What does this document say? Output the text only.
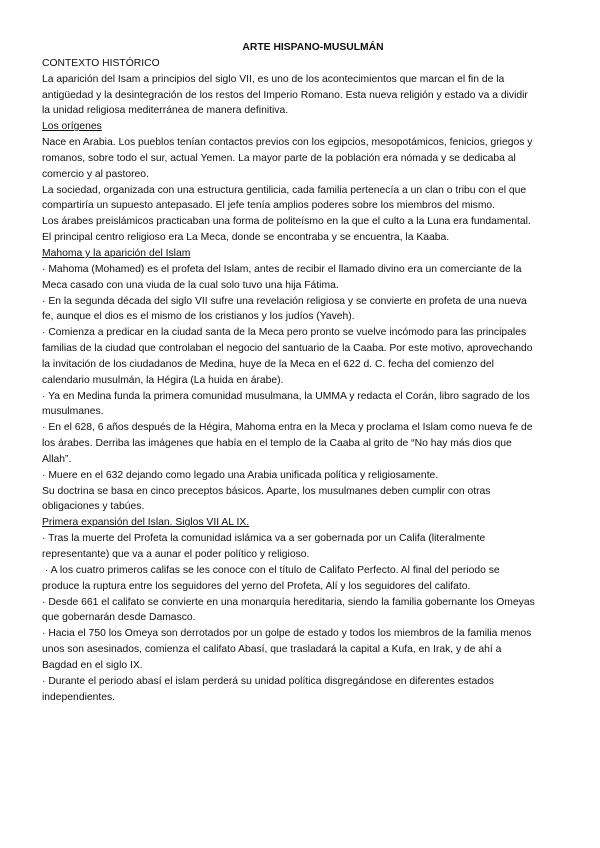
ARTE HISPANO-MUSULMÁN
CONTEXTO HISTÓRICO
La aparición del Isam a principios del siglo VII, es uno de los acontecimientos que marcan el fin de la
antigüedad y la desintegración de los restos del Imperio Romano. Esta nueva religión y estado va a dividir
la unidad religiosa mediterránea de manera definitiva.
Los orígenes
Nace en Arabia. Los pueblos tenían contactos previos con los egipcios, mesopotámicos, fenicios, griegos y
romanos, sobre todo el sur, actual Yemen. La mayor parte de la población era nómada y se dedicaba al
comercio y al pastoreo.
La sociedad, organizada con una estructura gentilicia, cada familia pertenecía a un clan o tribu con el que
compartiría un supuesto antepasado. El jefe tenía amplios poderes sobre los miembros del mismo.
Los árabes preislámicos practicaban una forma de politeísmo en la que el culto a la Luna era fundamental.
El principal centro religioso era La Meca, donde se encontraba y se encuentra, la Kaaba.
Mahoma y la aparición del Islam
· Mahoma (Mohamed) es el profeta del Islam, antes de recibir el llamado divino era un comerciante de la
Meca casado con una viuda de la cual solo tuvo una hija Fátima.
· En la segunda década del siglo VII sufre una revelación religiosa y se convierte en profeta de una nueva
fe, aunque el dios es el mismo de los cristianos y los judíos (Yaveh).
· Comienza a predicar en la ciudad santa de la Meca pero pronto se vuelve incómodo para las principales
familias de la ciudad que controlaban el negocio del santuario de la Caaba. Por este motivo, aprovechando
la invitación de los ciudadanos de Medina, huye de la Meca en el 622 d. C. fecha del comienzo del
calendario musulmán, la Hégira (La huida en árabe).
· Ya en Medina funda la primera comunidad musulmana, la UMMA y redacta el Corán, libro sagrado de los
musulmanes.
· En el 628, 6 años después de la Hégira, Mahoma entra en la Meca y proclama el Islam como nueva fe de
los árabes. Derriba las imágenes que había en el templo de la Caaba al grito de “No hay más dios que
Allah”.
· Muere en el 632 dejando como legado una Arabia unificada política y religiosamente.
Su doctrina se basa en cinco preceptos básicos. Aparte, los musulmanes deben cumplir con otras
obligaciones y tabúes.
Primera expansión del Islan. Siglos VII AL IX.
· Tras la muerte del Profeta la comunidad islámica va a ser gobernada por un Califa (literalmente
representante) que va a aunar el poder político y religioso.
· A los cuatro primeros califas se les conoce con el título de Califato Perfecto. Al final del periodo se
produce la ruptura entre los seguidores del yerno del Profeta, Alí y los seguidores del califato.
· Desde 661 el califato se convierte en una monarquía hereditaria, siendo la familia gobernante los Omeyas
que gobernarán desde Damasco.
· Hacia el 750 los Omeya son derrotados por un golpe de estado y todos los miembros de la familia menos
unos son asesinados, comienza el califato Abasí, que trasladará la capital a Kufa, en Irak, y de ahí a
Bagdad en el siglo IX.
· Durante el periodo abasí el islam perderá su unidad política disgregándose en diferentes estados
independientes.
